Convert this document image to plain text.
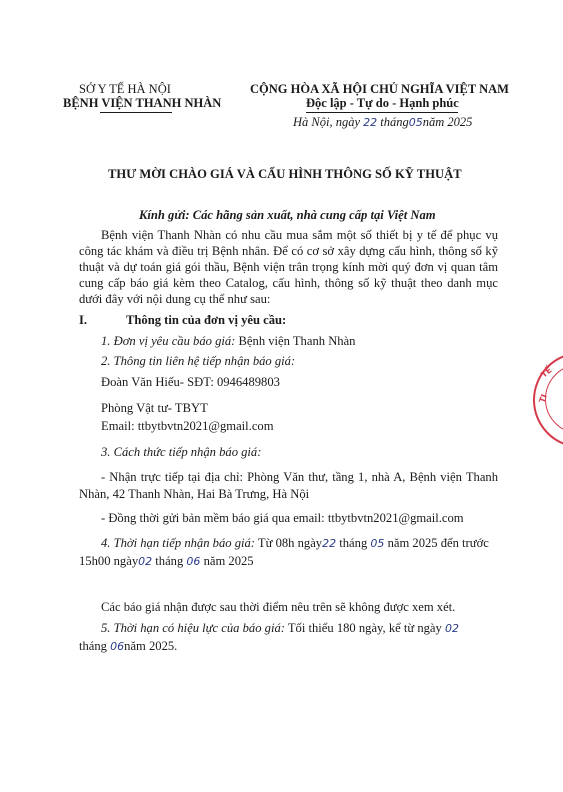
SỞ Y TẾ HÀ NỘI
BỆNH VIỆN THANH NHÀN
CỘNG HÒA XÃ HỘI CHỦ NGHĨA VIỆT NAM
Độc lập - Tự do - Hạnh phúc
Hà Nội, ngày 22 tháng05năm 2025
THƯ MỜI CHÀO GIÁ VÀ CẤU HÌNH THÔNG SỐ KỸ THUẬT
Kính gửi: Các hãng sản xuất, nhà cung cấp tại Việt Nam
Bệnh viện Thanh Nhàn có nhu cầu mua sắm một số thiết bị y tế để phục vụ
công tác khám và điều trị Bệnh nhân. Để có cơ sở xây dựng cấu hình, thông số kỹ
thuật và dự toán giá gói thầu, Bệnh viện trân trọng kính mời quý đơn vị quan tâm
cung cấp báo giá kèm theo Catalog, cấu hình, thông số kỹ thuật theo danh mục
dưới đây với nội dung cụ thể như sau:
I.	Thông tin của đơn vị yêu cầu:
1. Đơn vị yêu cầu báo giá: Bệnh viện Thanh Nhàn
2. Thông tin liên hệ tiếp nhận báo giá:
Đoàn Văn Hiếu- SĐT: 0946489803
Phòng Vật tư- TBYT
Email: ttbytbvtn2021@gmail.com
3. Cách thức tiếp nhận báo giá:
- Nhận trực tiếp tại địa chỉ: Phòng Văn thư, tầng 1, nhà A, Bệnh viện Thanh
Nhàn, 42 Thanh Nhàn, Hai Bà Trưng, Hà Nội
- Đồng thời gửi bản mềm báo giá qua email: ttbytbvtn2021@gmail.com
4. Thời hạn tiếp nhận báo giá: Từ 08h ngày22 tháng 05 năm 2025 đến trước
15h00 ngày02 tháng 06 năm 2025
Các báo giá nhận được sau thời điểm nêu trên sẽ không được xem xét.
5. Thời hạn có hiệu lực của báo giá: Tối thiểu 180 ngày, kể từ ngày 02
tháng 06năm 2025.
TẾ
TI
